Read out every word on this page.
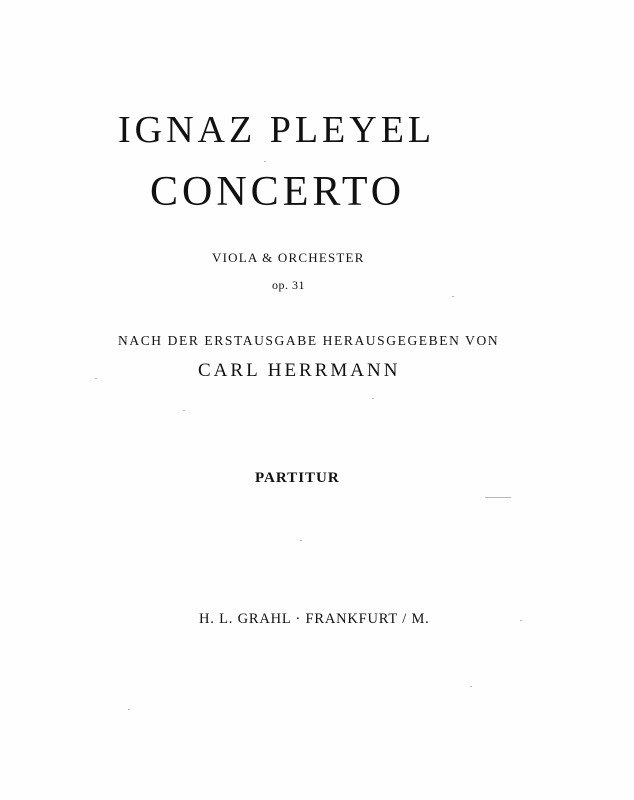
IGNAZ PLEYEL
CONCERTO
VIOLA & ORCHESTER
op. 31
NACH DER ERSTAUSGABE HERAUSGEGEBEN VON
CARL HERRMANN
PARTITUR
H. L. GRAHL · FRANKFURT / M.
